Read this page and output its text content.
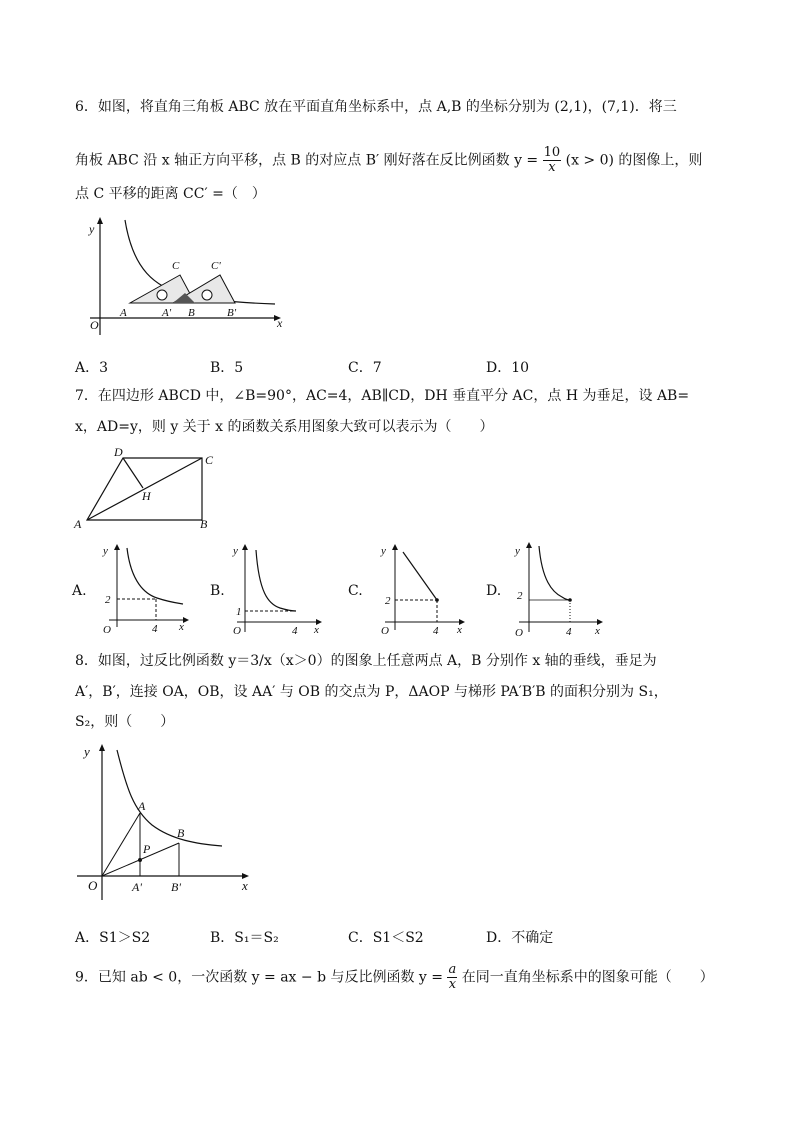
6．如图，将直角三角板 ABC 放在平面直角坐标系中，点 A,B 的坐标分别为 (2,1)，(7,1)．将三
角板 ABC 沿 x 轴正方向平移，点 B 的对应点 B′ 刚好落在反比例函数 $y = \frac{10}{x} (x > 0)$ 的图像上，则
点 C 平移的距离 CC′ =（　）
y
x
O
A	A' B	B'
C	C'
A．3	B．5	C．7	D．10
7．在四边形 ABCD 中，∠B=90°，AC=4，AB∥CD，DH 垂直平分 AC，点 H 为垂足，设 AB=
x，AD=y，则 y 关于 x 的函数关系用图象大致可以表示为（　　）
D
C
H
A	B
A.
y
x
O
2
4
B.
y
x
O
1
4
C.
y
x
O
2
4
D.
y
x
O
2
4
8．如图，过反比例函数 y＝3/x（x＞0）的图象上任意两点 A，B 分别作 x 轴的垂线，垂足为
A′，B′，连接 OA，OB，设 AA′ 与 OB 的交点为 P，ΔAOP 与梯形 PA′B′B 的面积分别为 S₁，
S₂，则（　　）
y
x
O
A
B
P
A' B'
A．S1＞S2	B．S₁＝S₂	C．S1＜S2	D．不确定
9．已知 ab < 0，一次函数 y = ax − b 与反比例函数 $y = \frac{a}{x}$ 在同一直角坐标系中的图象可能（　　）
